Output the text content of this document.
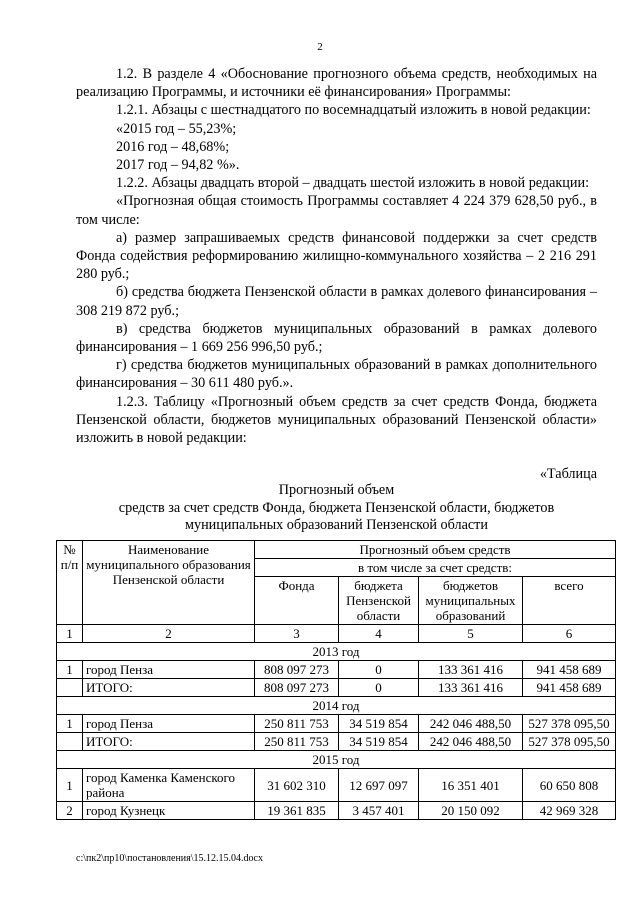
2

1.2. В разделе 4 «Обоснование прогнозного объема средств, необходимых на реализацию Программы, и источники её финансирования» Программы:

1.2.1. Абзацы с шестнадцатого по восемнадцатый изложить в новой редакции:

«2015 год – 55,23%;

2016 год – 48,68%;

2017 год – 94,82 %».

1.2.2. Абзацы двадцать второй – двадцать шестой изложить в новой редакции:

«Прогнозная общая стоимость Программы составляет 4 224 379 628,50 руб., в том числе:

а) размер запрашиваемых средств финансовой поддержки за счет средств Фонда содействия реформированию жилищно-коммунального хозяйства – 2 216 291 280 руб.;

б) средства бюджета Пензенской области в рамках долевого финансирования – 308 219 872 руб.;

в) средства бюджетов муниципальных образований в рамках долевого финансирования – 1 669 256 996,50 руб.;

г) средства бюджетов муниципальных образований в рамках дополнительного финансирования – 30 611 480 руб.».

1.2.3. Таблицу «Прогнозный объем средств за счет средств Фонда, бюджета Пензенской области, бюджетов муниципальных образований Пензенской области» изложить в новой редакции:

«Таблица

Прогнозный объем
средств за счет средств Фонда, бюджета Пензенской области, бюджетов
муниципальных образований Пензенской области
№ п/п	Наименование муниципального образования Пензенской области	Прогнозный объем средств			
		в том числе за счет средств:			
		Фонда	бюджета Пензенской области	бюджетов муниципальных образований	всего
1	2	3	4	5	6
2013 год					
1	город Пенза	808 097 273	0	133 361 416	941 458 689
	ИТОГО:	808 097 273	0	133 361 416	941 458 689
2014 год					
1	город Пенза	250 811 753	34 519 854	242 046 488,50	527 378 095,50
	ИТОГО:	250 811 753	34 519 854	242 046 488,50	527 378 095,50
2015 год					
1	город Каменка Каменского района	31 602 310	12 697 097	16 351 401	60 650 808
2	город Кузнецк	19 361 835	3 457 401	20 150 092	42 969 328
c:\пк2\пр10\постановления\15.12.15.04.docx
